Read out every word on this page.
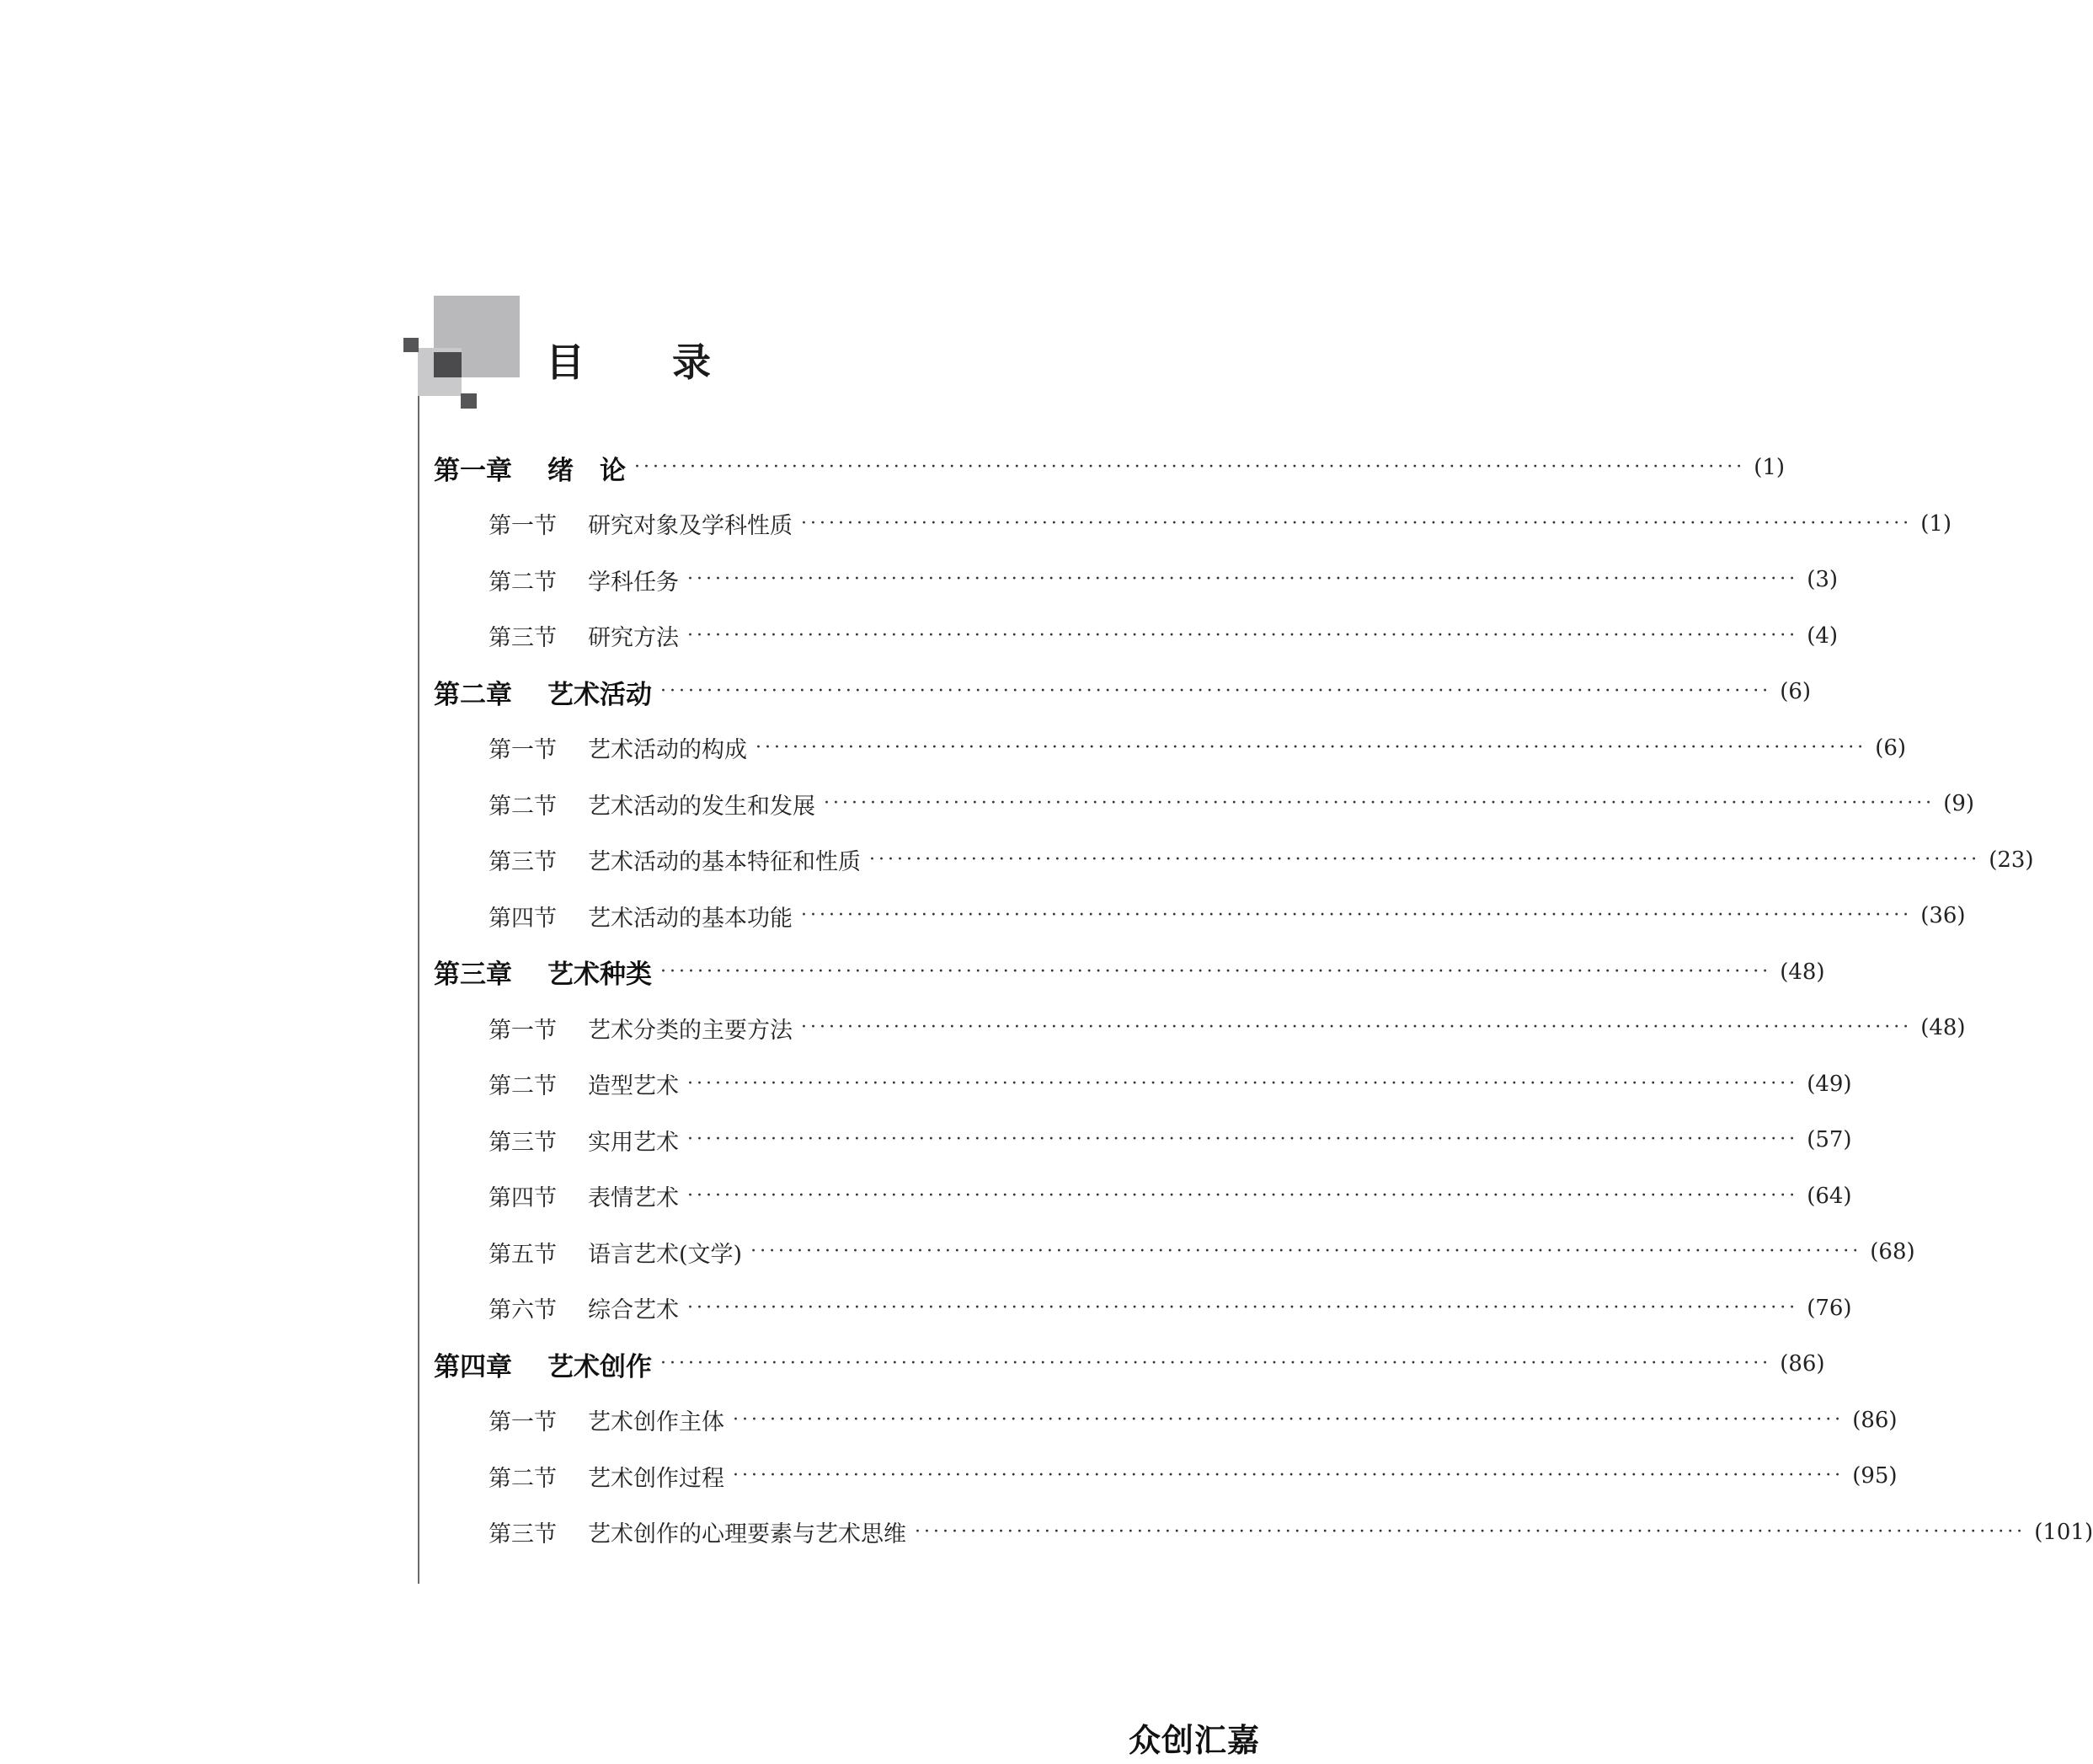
目 录
第一章 绪　论 ························································································································ (1)
第一节 研究对象及学科性质 ························································································································ (1)
第二节 学科任务 ························································································································ (3)
第三节 研究方法 ························································································································ (4)
第二章 艺术活动 ························································································································ (6)
第一节 艺术活动的构成 ························································································································ (6)
第二节 艺术活动的发生和发展 ························································································································ (9)
第三节 艺术活动的基本特征和性质 ························································································································ (23)
第四节 艺术活动的基本功能 ························································································································ (36)
第三章 艺术种类 ························································································································ (48)
第一节 艺术分类的主要方法 ························································································································ (48)
第二节 造型艺术 ························································································································ (49)
第三节 实用艺术 ························································································································ (57)
第四节 表情艺术 ························································································································ (64)
第五节 语言艺术(文学) ························································································································ (68)
第六节 综合艺术 ························································································································ (76)
第四章 艺术创作 ························································································································ (86)
第一节 艺术创作主体 ························································································································ (86)
第二节 艺术创作过程 ························································································································ (95)
第三节 艺术创作的心理要素与艺术思维 ························································································································ (101)
众创汇嘉
